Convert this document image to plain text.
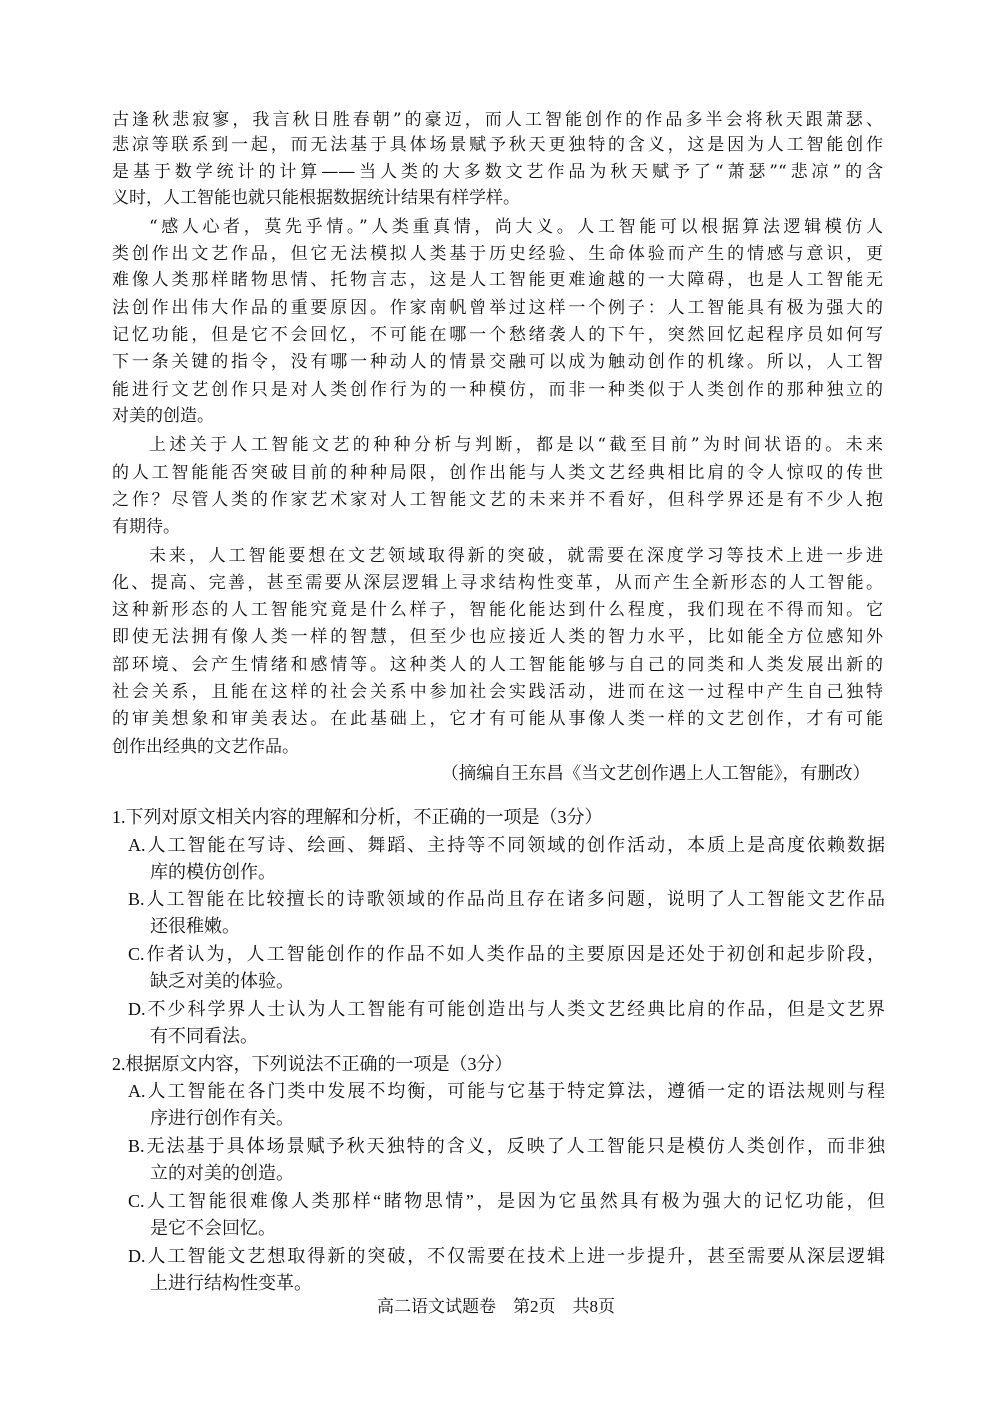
古逢秋悲寂寥，我言秋日胜春朝”的豪迈，而人工智能创作的作品多半会将秋天跟萧瑟、
悲凉等联系到一起，而无法基于具体场景赋予秋天更独特的含义，这是因为人工智能创作
是基于数学统计的计算——当人类的大多数文艺作品为秋天赋予了“萧瑟”“悲凉”的含
义时，人工智能也就只能根据数据统计结果有样学样。
“感人心者，莫先乎情。”人类重真情，尚大义。人工智能可以根据算法逻辑模仿人
类创作出文艺作品，但它无法模拟人类基于历史经验、生命体验而产生的情感与意识，更
难像人类那样睹物思情、托物言志，这是人工智能更难逾越的一大障碍，也是人工智能无
法创作出伟大作品的重要原因。作家南帆曾举过这样一个例子：人工智能具有极为强大的
记忆功能，但是它不会回忆，不可能在哪一个愁绪袭人的下午，突然回忆起程序员如何写
下一条关键的指令，没有哪一种动人的情景交融可以成为触动创作的机缘。所以，人工智
能进行文艺创作只是对人类创作行为的一种模仿，而非一种类似于人类创作的那种独立的
对美的创造。
上述关于人工智能文艺的种种分析与判断，都是以“截至目前”为时间状语的。未来
的人工智能能否突破目前的种种局限，创作出能与人类文艺经典相比肩的令人惊叹的传世
之作？尽管人类的作家艺术家对人工智能文艺的未来并不看好，但科学界还是有不少人抱
有期待。
未来，人工智能要想在文艺领域取得新的突破，就需要在深度学习等技术上进一步进
化、提高、完善，甚至需要从深层逻辑上寻求结构性变革，从而产生全新形态的人工智能。
这种新形态的人工智能究竟是什么样子，智能化能达到什么程度，我们现在不得而知。它
即使无法拥有像人类一样的智慧，但至少也应接近人类的智力水平，比如能全方位感知外
部环境、会产生情绪和感情等。这种类人的人工智能能够与自己的同类和人类发展出新的
社会关系，且能在这样的社会关系中参加社会实践活动，进而在这一过程中产生自己独特
的审美想象和审美表达。在此基础上，它才有可能从事像人类一样的文艺创作，才有可能
创作出经典的文艺作品。
（摘编自王东昌《当文艺创作遇上人工智能》，有删改）
1.下列对原文相关内容的理解和分析，不正确的一项是（3分）
A.人工智能在写诗、绘画、舞蹈、主持等不同领域的创作活动，本质上是高度依赖数据
库的模仿创作。
B.人工智能在比较擅长的诗歌领域的作品尚且存在诸多问题，说明了人工智能文艺作品
还很稚嫩。
C.作者认为，人工智能创作的作品不如人类作品的主要原因是还处于初创和起步阶段，
缺乏对美的体验。
D.不少科学界人士认为人工智能有可能创造出与人类文艺经典比肩的作品，但是文艺界
有不同看法。
2.根据原文内容，下列说法不正确的一项是（3分）
A.人工智能在各门类中发展不均衡，可能与它基于特定算法，遵循一定的语法规则与程
序进行创作有关。
B.无法基于具体场景赋予秋天独特的含义，反映了人工智能只是模仿人类创作，而非独
立的对美的创造。
C.人工智能很难像人类那样“睹物思情”，是因为它虽然具有极为强大的记忆功能，但
是它不会回忆。
D.人工智能文艺想取得新的突破，不仅需要在技术上进一步提升，甚至需要从深层逻辑
上进行结构性变革。
高二语文试题卷　第2页　共8页
